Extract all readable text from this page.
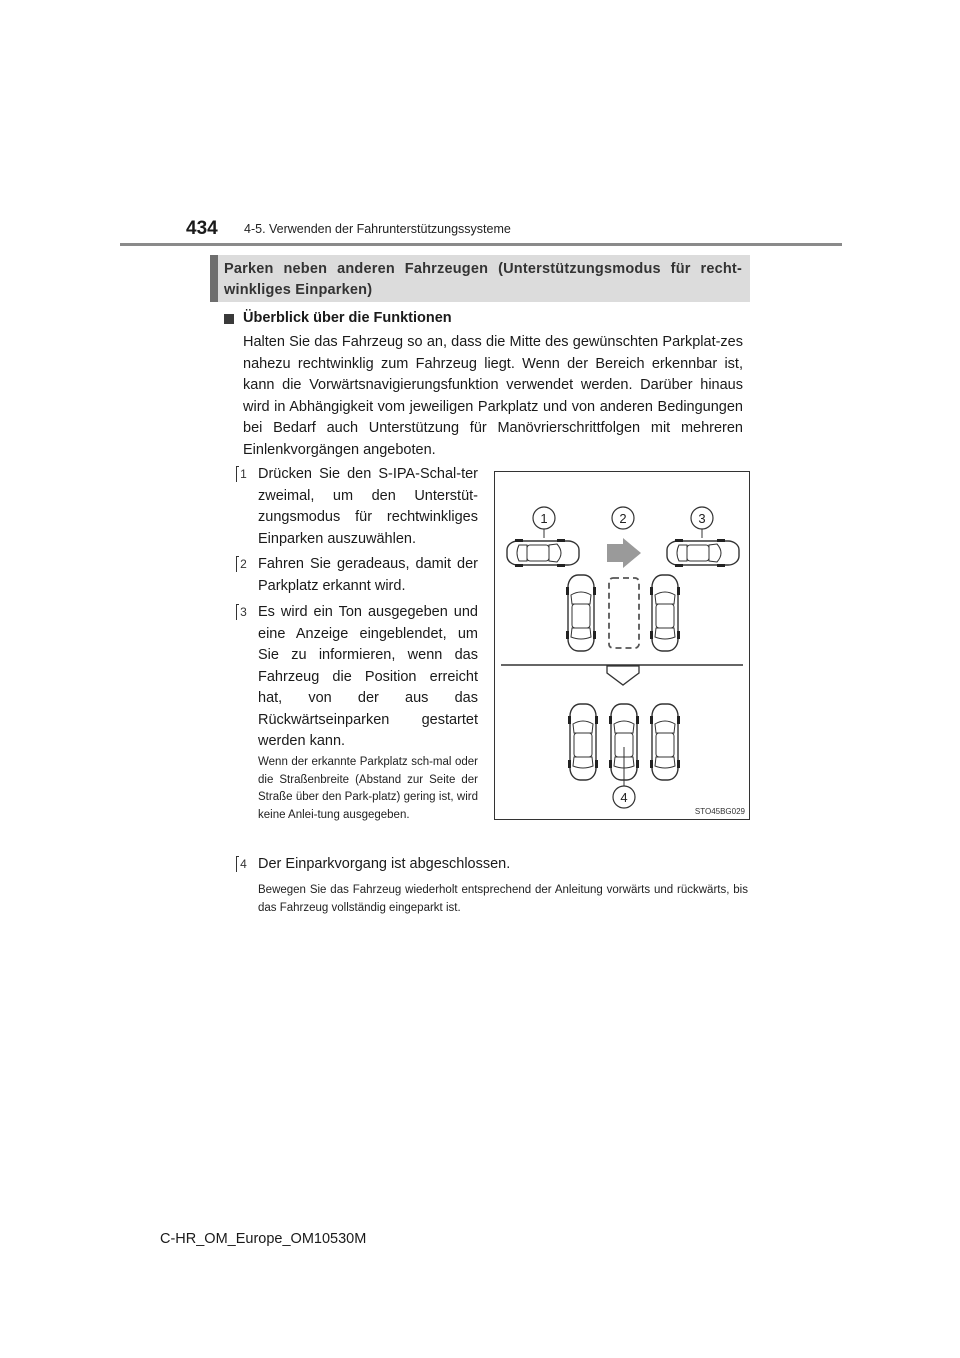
434 4-5. Verwenden der Fahrunterstützungssysteme
Parken neben anderen Fahrzeugen (Unterstützungsmodus für recht-winkliges Einparken)
Überblick über die Funktionen
Halten Sie das Fahrzeug so an, dass die Mitte des gewünschten Parkplat-zes nahezu rechtwinklig zum Fahrzeug liegt. Wenn der Bereich erkennbar ist, kann die Vorwärtsnavigierungsfunktion verwendet werden. Darüber hinaus wird in Abhängigkeit vom jeweiligen Parkplatz und von anderen Bedingungen bei Bedarf auch Unterstützung für Manövrierschrittfolgen mit mehreren Einlenkvorgängen angeboten.
1 Drücken Sie den S-IPA-Schal-ter zweimal, um den Unterstüt-zungsmodus für rechtwinkliges Einparken auszuwählen.
2 Fahren Sie geradeaus, damit der Parkplatz erkannt wird.
3 Es wird ein Ton ausgegeben und eine Anzeige eingeblendet, um Sie zu informieren, wenn das Fahrzeug die Position erreicht hat, von der aus das Rückwärtseinparken gestartet werden kann.
Wenn der erkannte Parkplatz sch-mal oder die Straßenbreite (Abstand zur Seite der Straße über den Park-platz) gering ist, wird keine Anlei-tung ausgegeben.
4 Der Einparkvorgang ist abgeschlossen.
Bewegen Sie das Fahrzeug wiederholt entsprechend der Anleitung vorwärts und rückwärts, bis das Fahrzeug vollständig eingeparkt ist.
1	2	3
4
STO45BG029
C-HR_OM_Europe_OM10530M
